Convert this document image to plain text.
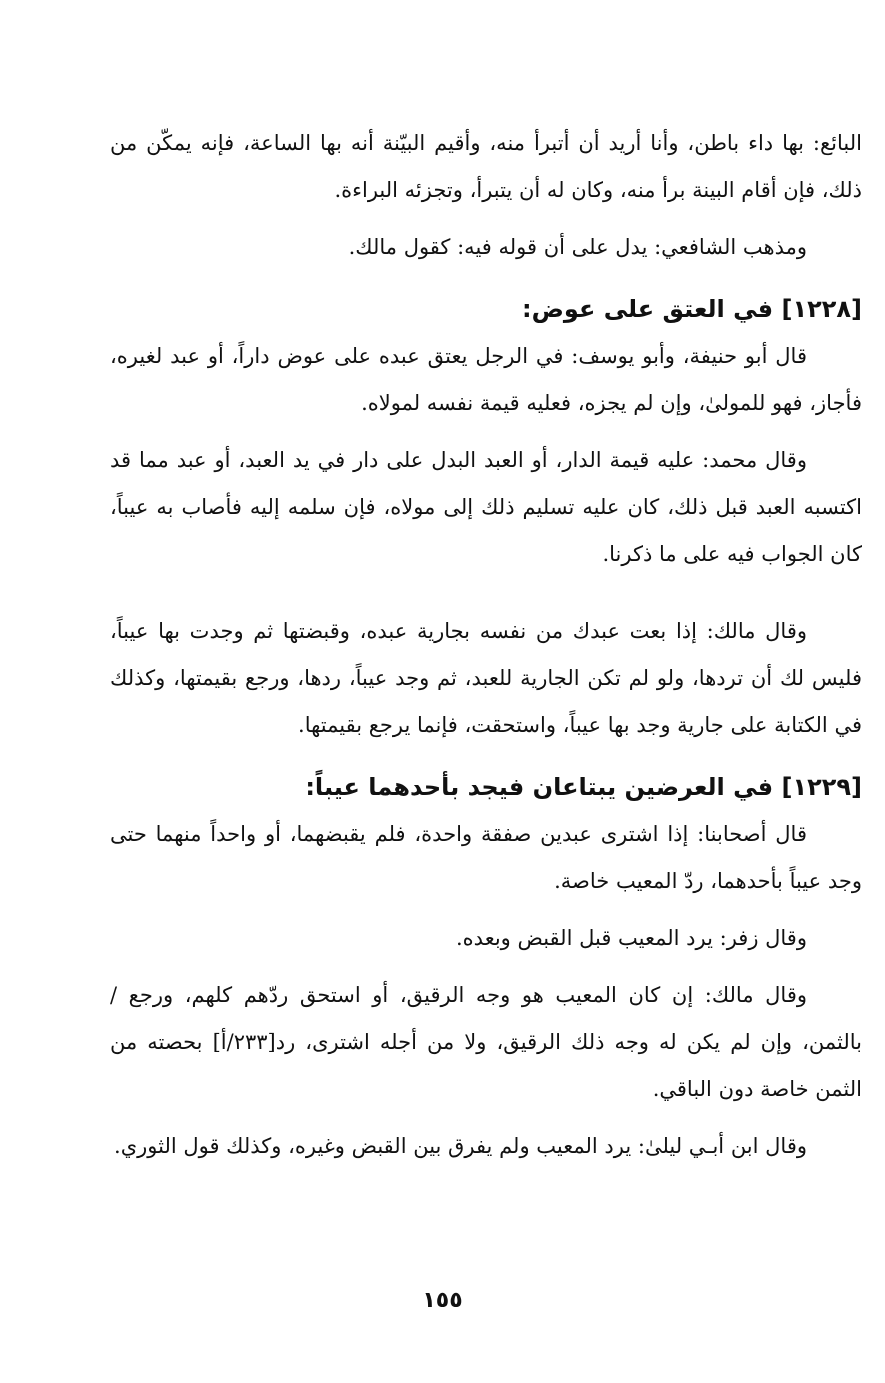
البائع: بها داء باطن، وأنا أريد أن أتبرأ منه، وأقيم البيّنة أنه بها الساعة، فإنه يمكّن من ذلك، فإن أقام البينة برأ منه، وكان له أن يتبرأ، وتجزئه البراءة.

ومذهب الشافعي: يدل على أن قوله فيه: كقول مالك.

[١٢٢٨] في العتق على عوض:

قال أبو حنيفة، وأبو يوسف: في الرجل يعتق عبده على عوض داراً، أو عبد لغيره، فأجاز، فهو للمولىٰ، وإن لم يجزه، فعليه قيمة نفسه لمولاه.

وقال محمد: عليه قيمة الدار، أو العبد البدل على دار في يد العبد، أو عبد مما قد اكتسبه العبد قبل ذلك، كان عليه تسليم ذلك إلى مولاه، فإن سلمه إليه فأصاب به عيباً، كان الجواب فيه على ما ذكرنا.

وقال مالك: إذا بعت عبدك من نفسه بجارية عبده، وقبضتها ثم وجدت بها عيباً، فليس لك أن تردها، ولو لم تكن الجارية للعبد، ثم وجد عيباً، ردها، ورجع بقيمتها، وكذلك في الكتابة على جارية وجد بها عيباً، واستحقت، فإنما يرجع بقيمتها.

[١٢٢٩] في العرضين يبتاعان فيجد بأحدهما عيباً:

قال أصحابنا: إذا اشترى عبدين صفقة واحدة، فلم يقبضهما، أو واحداً منهما حتى وجد عيباً بأحدهما، ردّ المعيب خاصة.

وقال زفر: يرد المعيب قبل القبض وبعده.

وقال مالك: إن كان المعيب هو وجه الرقيق، أو استحق ردّهم كلهم، ورجع / بالثمن، وإن لم يكن له وجه ذلك الرقيق، ولا من أجله اشترى، رد[٢٣٣/أ] بحصته من الثمن خاصة دون الباقي.

وقال ابن أبـي ليلىٰ: يرد المعيب ولم يفرق بين القبض وغيره، وكذلك قول الثوري.

١٥٥
